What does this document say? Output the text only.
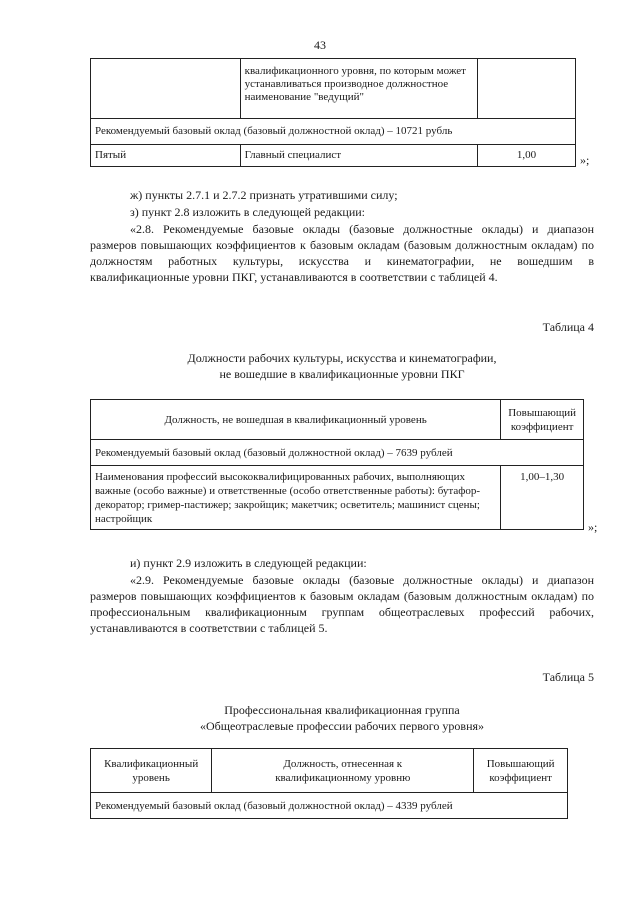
43
	квалификационного уровня, по которым может устанавливаться производное должностное наименование "ведущий"	
Рекомендуемый базовый оклад (базовый должностной оклад) – 10721 рубль		
Пятый	Главный специалист	1,00	»;
ж) пункты 2.7.1 и 2.7.2 признать утратившими силу;
з) пункт 2.8 изложить в следующей редакции:
«2.8. Рекомендуемые базовые оклады (базовые должностные оклады) и диапазон размеров повышающих коэффициентов к базовым окладам (базовым должностным окладам) по должностям работных культуры, искусства и кинематографии, не вошедшим в квалификационные уровни ПКГ, устанавливаются в соответствии с таблицей 4.
Таблица 4
Должности рабочих культуры, искусства и кинематографии,
не вошедшие в квалификационные уровни ПКГ
Должность, не вошедшая в квалификационный уровень	Повышающий коэффициент
Рекомендуемый базовый оклад (базовый должностной оклад) – 7639 рублей	
Наименования профессий высококвалифицированных рабочих, выполняющих важные (особо важные) и ответственные (особо ответственные работы): бутафор-декоратор; гример-пастижер; закройщик; макетчик; осветитель; машинист сцены; настройщик	1,00–1,30
»;
и) пункт 2.9 изложить в следующей редакции:
«2.9. Рекомендуемые базовые оклады (базовые должностные оклады) и диапазон размеров повышающих коэффициентов к базовым окладам (базовым должностным окладам) по профессиональным квалификационным группам общеотраслевых профессий рабочих, устанавливаются в соответствии с таблицей 5.
Таблица 5
Профессиональная квалификационная группа
«Общеотраслевые профессии рабочих первого уровня»
Квалификационный уровень	Должность, отнесенная к квалификационному уровню	Повышающий коэффициент
Рекомендуемый базовый оклад (базовый должностной оклад) – 4339 рублей
